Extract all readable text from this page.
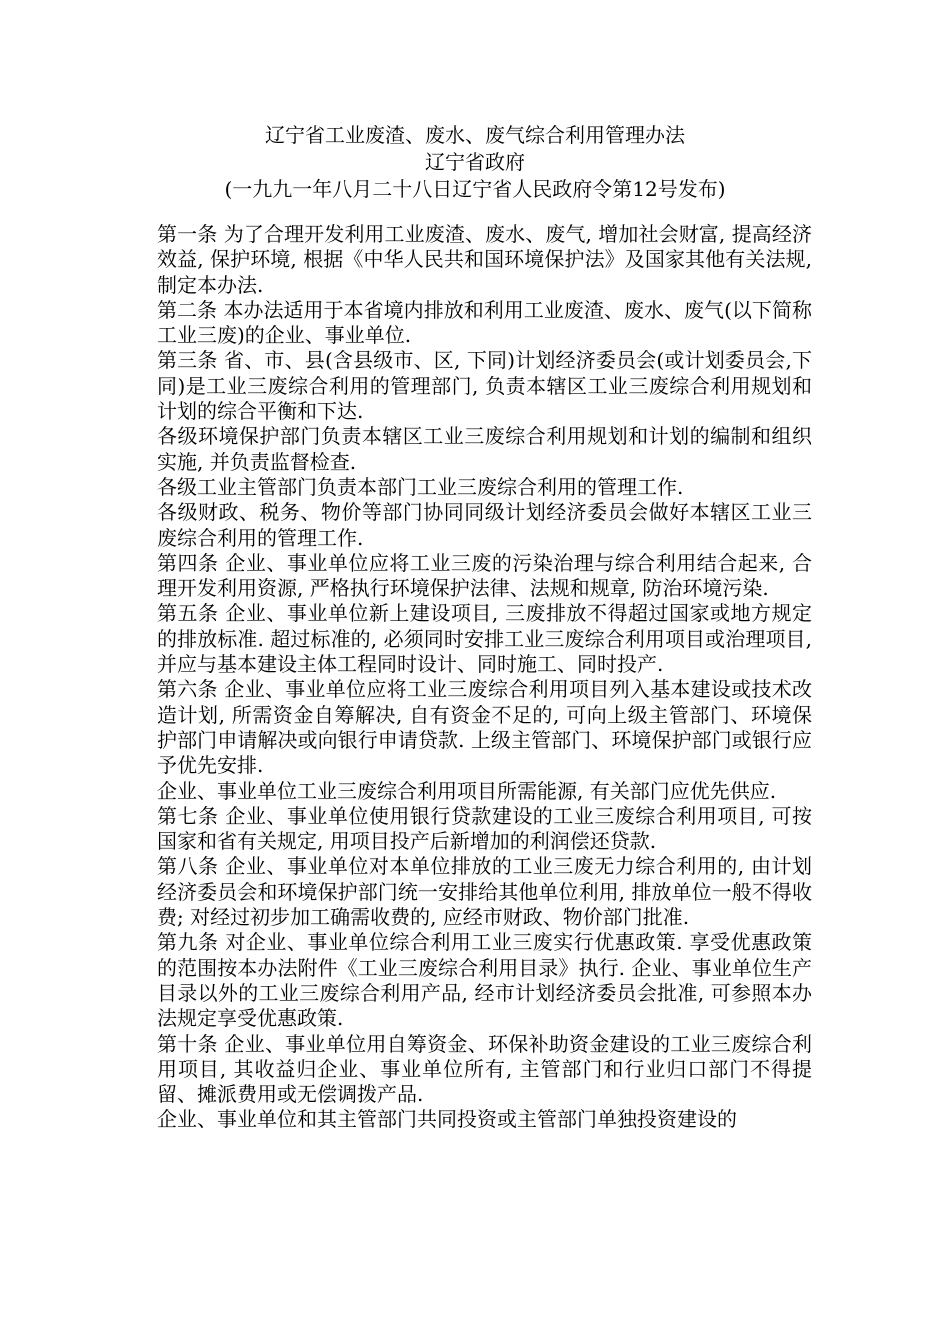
辽宁省工业废渣、废水、废气综合利用管理办法
辽宁省政府
(一九九一年八月二十八日辽宁省人民政府令第12号发布)

第一条 为了合理开发利用工业废渣、废水、废气, 增加社会财富, 提高经济效益, 保护环境, 根据《中华人民共和国环境保护法》及国家其他有关法规, 制定本办法.

第二条 本办法适用于本省境内排放和利用工业废渣、废水、废气(以下简称工业三废)的企业、事业单位.

第三条 省、市、县(含县级市、区, 下同)计划经济委员会(或计划委员会,下同)是工业三废综合利用的管理部门, 负责本辖区工业三废综合利用规划和计划的综合平衡和下达.

各级环境保护部门负责本辖区工业三废综合利用规划和计划的编制和组织实施, 并负责监督检查.

各级工业主管部门负责本部门工业三废综合利用的管理工作.

各级财政、税务、物价等部门协同同级计划经济委员会做好本辖区工业三废综合利用的管理工作.

第四条 企业、事业单位应将工业三废的污染治理与综合利用结合起来, 合理开发利用资源, 严格执行环境保护法律、法规和规章, 防治环境污染.

第五条 企业、事业单位新上建设项目, 三废排放不得超过国家或地方规定的排放标准. 超过标准的, 必须同时安排工业三废综合利用项目或治理项目, 并应与基本建设主体工程同时设计、同时施工、同时投产.

第六条 企业、事业单位应将工业三废综合利用项目列入基本建设或技术改造计划, 所需资金自筹解决, 自有资金不足的, 可向上级主管部门、环境保护部门申请解决或向银行申请贷款. 上级主管部门、环境保护部门或银行应予优先安排.

企业、事业单位工业三废综合利用项目所需能源, 有关部门应优先供应.

第七条 企业、事业单位使用银行贷款建设的工业三废综合利用项目, 可按国家和省有关规定, 用项目投产后新增加的利润偿还贷款.

第八条 企业、事业单位对本单位排放的工业三废无力综合利用的, 由计划经济委员会和环境保护部门统一安排给其他单位利用, 排放单位一般不得收费; 对经过初步加工确需收费的, 应经市财政、物价部门批准.

第九条 对企业、事业单位综合利用工业三废实行优惠政策. 享受优惠政策的范围按本办法附件《工业三废综合利用目录》执行. 企业、事业单位生产目录以外的工业三废综合利用产品, 经市计划经济委员会批准, 可参照本办法规定享受优惠政策.

第十条 企业、事业单位用自筹资金、环保补助资金建设的工业三废综合利用项目, 其收益归企业、事业单位所有, 主管部门和行业归口部门不得提留、摊派费用或无偿调拨产品.

企业、事业单位和其主管部门共同投资或主管部门单独投资建设的
